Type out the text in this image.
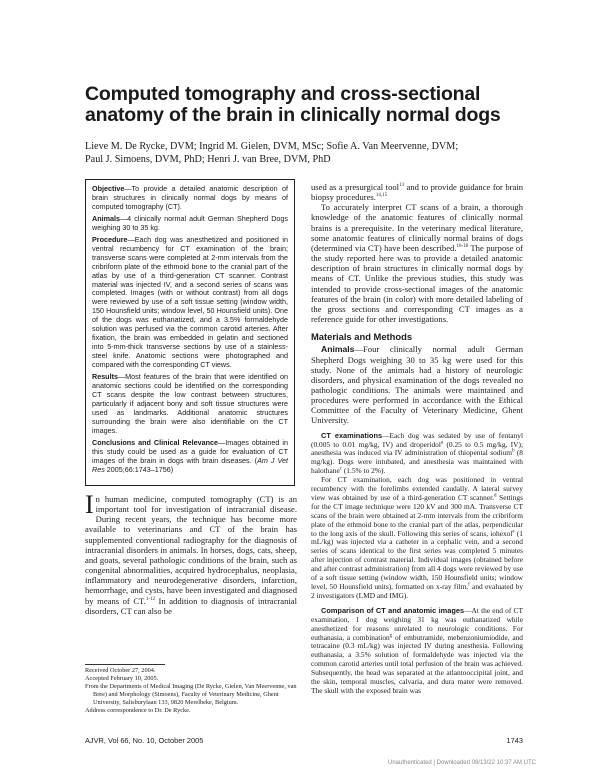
Computed tomography and cross-sectional anatomy of the brain in clinically normal dogs
Lieve M. De Rycke, DVM; Ingrid M. Gielen, DVM, MSc; Sofie A. Van Meervenne, DVM;
Paul J. Simoens, DVM, PhD; Henri J. van Bree, DVM, PhD

Objective—To provide a detailed anatomic description of brain structures in clinically normal dogs by means of computed tomography (CT).

Animals—4 clinically normal adult German Shepherd Dogs weighing 30 to 35 kg.

Procedure—Each dog was anesthetized and positioned in ventral recumbency for CT examination of the brain; transverse scans were completed at 2-mm intervals from the cribriform plate of the ethmoid bone to the cranial part of the atlas by use of a third-generation CT scanner. Contrast material was injected IV, and a second series of scans was completed. Images (with or without contrast) from all dogs were reviewed by use of a soft tissue setting (window width, 150 Hounsfield units; window level, 50 Hounsfield units). One of the dogs was euthanatized, and a 3.5% formaldehyde solution was perfused via the common carotid arteries. After fixation, the brain was embedded in gelatin and sectioned into 5-mm-thick transverse sections by use of a stainless-steel knife. Anatomic sections were photographed and compared with the corresponding CT views.

Results—Most features of the brain that were identified on anatomic sections could be identified on the corresponding CT scans despite the low contrast between structures, particularly if adjacent bony and soft tissue structures were used as landmarks. Additional anatomic structures surrounding the brain were also identifiable on the CT images.

Conclusions and Clinical Relevance—Images obtained in this study could be used as a guide for evaluation of CT images of the brain in dogs with brain diseases. (Am J Vet Res 2005;66:1743–1756)

In human medicine, computed tomography (CT) is an important tool for investigation of intracranial disease. During recent years, the technique has become more available to veterinarians and CT of the brain has supplemented conventional radiography for the diagnosis of intracranial disorders in animals. In horses, dogs, cats, sheep, and goats, several pathologic conditions of the brain, such as congenital abnormalities, acquired hydrocephalus, neoplasia, inflammatory and neurodegenerative disorders, infarction, hemorrhage, and cysts, have been investigated and diagnosed by means of CT.$^{1-12}$ In addition to diagnosis of intracranial disorders, CT can also be

Received October 27, 2004.

Accepted February 10, 2005.

From the Departments of Medical Imaging (De Rycke, Gielen, Van Meervenne, van Bree) and Morphology (Simoens), Faculty of Veterinary Medicine, Ghent University, Salisburylaan 133, 9820 Merelbeke, Belgium.

Address correspondence to Dr. De Rycke.

used as a presurgical tool$^{13}$ and to provide guidance for brain biopsy procedures.$^{14,15}$

To accurately interpret CT scans of a brain, a thorough knowledge of the anatomic features of clinically normal brains is a prerequisite. In the veterinary medical literature, some anatomic features of clinically normal brains of dogs (determined via CT) have been described.$^{16-18}$ The purpose of the study reported here was to provide a detailed anatomic description of brain structures in clinically normal dogs by means of CT. Unlike the previous studies, this study was intended to provide cross-sectional images of the anatomic features of the brain (in color) with more detailed labeling of the gross sections and corresponding CT images as a reference guide for other investigations.

Materials and Methods

Animals—Four clinically normal adult German Shepherd Dogs weighing 30 to 35 kg were used for this study. None of the animals had a history of neurologic disorders, and physical examination of the dogs revealed no pathologic conditions. The animals were maintained and procedures were performed in accordance with the Ethical Committee of the Faculty of Veterinary Medicine, Ghent University.

CT examinations—Each dog was sedated by use of fentanyl (0.005 to 0.01 mg/kg, IV) and droperidol$^a$ (0.25 to 0.5 mg/kg, IV); anesthesia was induced via IV administration of thiopental sodium$^b$ (8 mg/kg). Dogs were intubated, and anesthesia was maintained with halothane$^c$ (1.5% to 2%).

For CT examination, each dog was positioned in ventral recumbency with the forelimbs extended caudally. A lateral survey view was obtained by use of a third-generation CT scanner.$^d$ Settings for the CT image technique were 120 kV and 300 mA. Transverse CT scans of the brain were obtained at 2-mm intervals from the cribriform plate of the ethmoid bone to the cranial part of the atlas, perpendicular to the long axis of the skull. Following this series of scans, iohexol$^e$ (1 mL/kg) was injected via a catheter in a cephalic vein, and a second series of scans identical to the first series was completed 5 minutes after injection of contrast material. Individual images (obtained before and after contrast administration) from all 4 dogs were reviewed by use of a soft tissue setting (window width, 150 Hounsfield units; window level, 50 Hounsfield units), formatted on x-ray film,$^f$ and evaluated by 2 investigators (LMD and IMG).

Comparison of CT and anatomic images—At the end of CT examination, 1 dog weighing 31 kg was euthanatized while anesthetized for reasons unrelated to neurologic conditions. For euthanasia, a combination$^g$ of embutramide, mebenzoniumiodide, and tetracaine (0.3 mL/kg) was injected IV during anesthesia. Following euthanasia, a 3.5% solution of formaldehyde was injected via the common carotid arteries until total perfusion of the brain was achieved. Subsequently, the head was separated at the atlantooccipital joint, and the skin, temporal muscles, calvaria, and dura mater were removed. The skull with the exposed brain was

AJVR, Vol 66, No. 10, October 2005	1743
Unauthenticated | Downloaded 08/13/22 10:37 AM UTC
